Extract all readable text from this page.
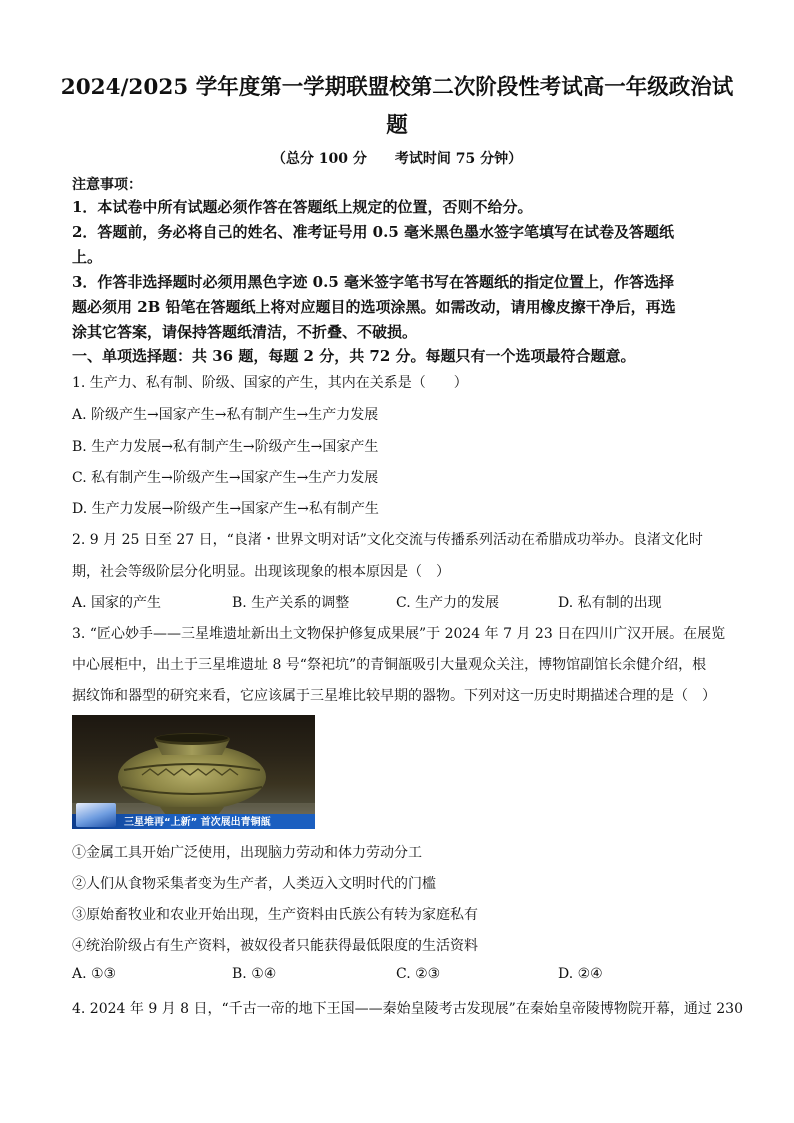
2024/2025 学年度第一学期联盟校第二次阶段性考试高一年级政治试
题
（总分 100 分　　考试时间 75 分钟）
注意事项：
1．本试卷中所有试题必须作答在答题纸上规定的位置，否则不给分。
2．答题前，务必将自己的姓名、准考证号用 0.5 毫米黑色墨水签字笔填写在试卷及答题纸
上。
3．作答非选择题时必须用黑色字迹 0.5 毫米签字笔书写在答题纸的指定位置上，作答选择
题必须用 2B 铅笔在答题纸上将对应题目的选项涂黑。如需改动，请用橡皮擦干净后，再选
涂其它答案，请保持答题纸清洁，不折叠、不破损。
一、单项选择题：共 36 题，每题 2 分，共 72 分。每题只有一个选项最符合题意。
1. 生产力、私有制、阶级、国家的产生，其内在关系是（　　）
A. 阶级产生→国家产生→私有制产生→生产力发展
B. 生产力发展→私有制产生→阶级产生→国家产生
C. 私有制产生→阶级产生→国家产生→生产力发展
D. 生产力发展→阶级产生→国家产生→私有制产生
2. 9 月 25 日至 27 日，“良渚・世界文明对话”文化交流与传播系列活动在希腊成功举办。良渚文化时
期，社会等级阶层分化明显。出现该现象的根本原因是（　）
A. 国家的产生	B. 生产关系的调整	C. 生产力的发展	D. 私有制的出现
3. “匠心妙手——三星堆遗址新出土文物保护修复成果展”于 2024 年 7 月 23 日在四川广汉开展。在展览
中心展柜中，出土于三星堆遗址 8 号“祭祀坑”的青铜瓿吸引大量观众关注，博物馆副馆长余健介绍，根
据纹饰和器型的研究来看，它应该属于三星堆比较早期的器物。下列对这一历史时期描述合理的是（　）
三星堆再“上新” 首次展出青铜瓿
①金属工具开始广泛使用，出现脑力劳动和体力劳动分工
②人们从食物采集者变为生产者，人类迈入文明时代的门槛
③原始畜牧业和农业开始出现，生产资料由氏族公有转为家庭私有
④统治阶级占有生产资料，被奴役者只能获得最低限度的生活资料
A. ①③	B. ①④	C. ②③	D. ②④
4. 2024 年 9 月 8 日，“千古一帝的地下王国——秦始皇陵考古发现展”在秦始皇帝陵博物院开幕，通过 230
